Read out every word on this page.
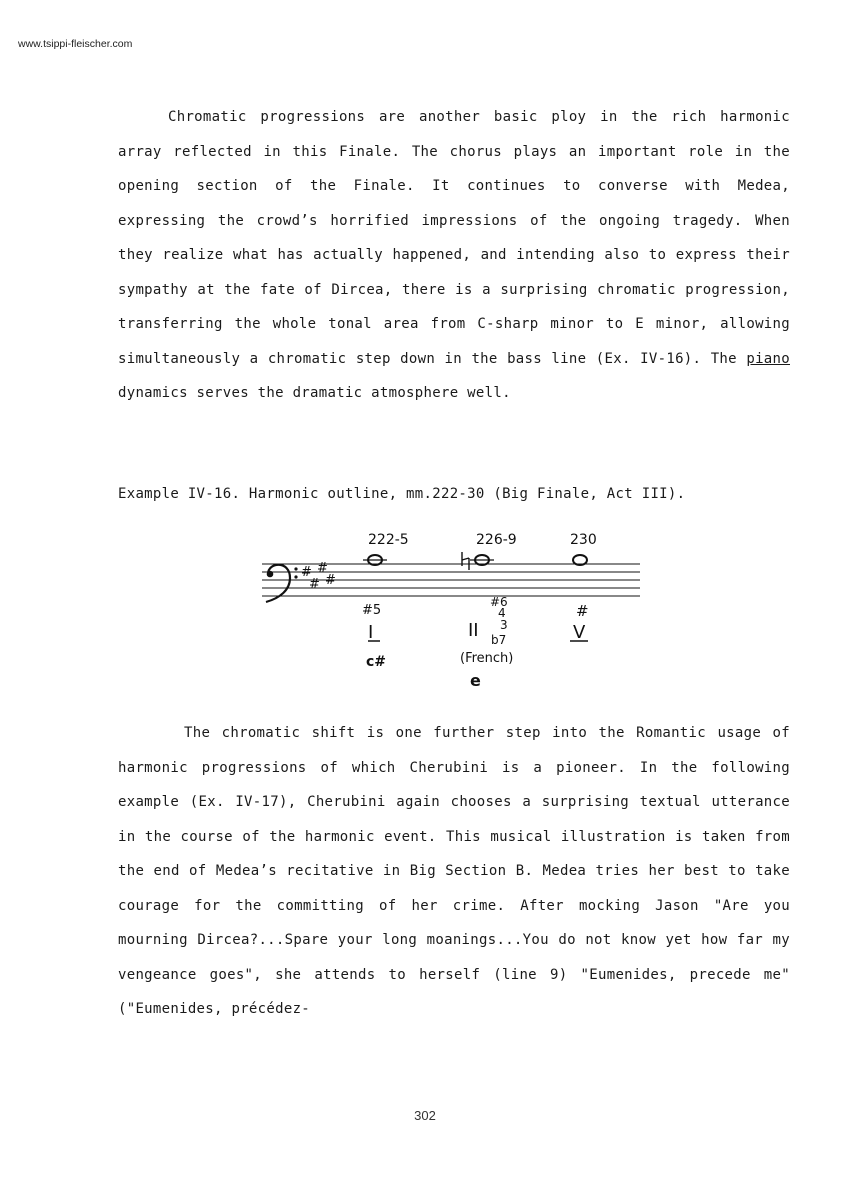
www.tsippi-fleischer.com

Chromatic progressions are another basic ploy in the rich harmonic array reflected in this Finale. The chorus plays an important role in the opening section of the Finale. It continues to converse with Medea, expressing the crowd’s horrified impressions of the ongoing tragedy. When they realize what has actually happened, and intending also to express their sympathy at the fate of Dircea, there is a surprising chromatic progression, transferring the whole tonal area from C-sharp minor to E minor, allowing simultaneously a chromatic step down in the bass line (Ex. IV-16). The piano dynamics serves the dramatic atmosphere well.

Example IV-16. Harmonic outline, mm.222-30 (Big Finale, Act III).
#
#
#
#
222-5	226-9	230
#5
I
c#
#6
4
3
II b7
(French)
e
#
V

The chromatic shift is one further step into the Romantic usage of harmonic progressions of which Cherubini is a pioneer. In the following example (Ex. IV-17), Cherubini again chooses a surprising textual utterance in the course of the harmonic event. This musical illustration is taken from the end of Medea’s recitative in Big Section B. Medea tries her best to take courage for the committing of her crime. After mocking Jason "Are you mourning Dircea?...Spare your long moanings...You do not know yet how far my vengeance goes", she attends to herself (line 9) "Eumenides, precede me" ("Eumenides, précédez-

302
